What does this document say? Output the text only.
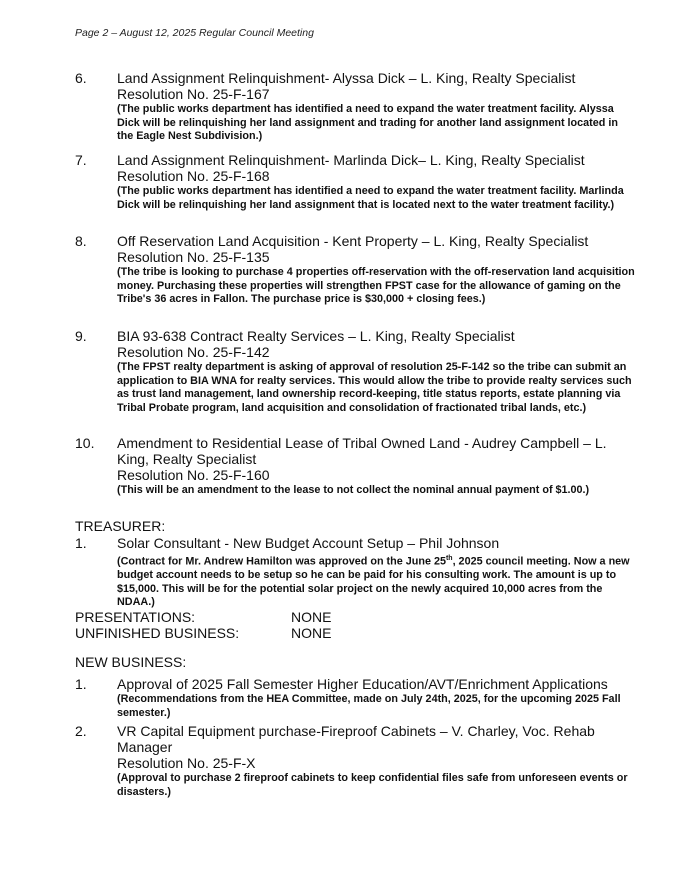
Page 2 – August 12, 2025 Regular Council Meeting
6. Land Assignment Relinquishment- Alyssa Dick – L. King, Realty Specialist
Resolution No. 25-F-167
(The public works department has identified a need to expand the water treatment facility. Alyssa Dick will be relinquishing her land assignment and trading for another land assignment located in the Eagle Nest Subdivision.)
7. Land Assignment Relinquishment- Marlinda Dick– L. King, Realty Specialist
Resolution No. 25-F-168
(The public works department has identified a need to expand the water treatment facility. Marlinda Dick will be relinquishing her land assignment that is located next to the water treatment facility.)
8. Off Reservation Land Acquisition - Kent Property – L. King, Realty Specialist
Resolution No. 25-F-135
(The tribe is looking to purchase 4 properties off-reservation with the off-reservation land acquisition money. Purchasing these properties will strengthen FPST case for the allowance of gaming on the Tribe's 36 acres in Fallon. The purchase price is $30,000 + closing fees.)
9. BIA 93-638 Contract Realty Services – L. King, Realty Specialist
Resolution No. 25-F-142
(The FPST realty department is asking of approval of resolution 25-F-142 so the tribe can submit an application to BIA WNA for realty services. This would allow the tribe to provide realty services such as trust land management, land ownership record-keeping, title status reports, estate planning via Tribal Probate program, land acquisition and consolidation of fractionated tribal lands, etc.)
10. Amendment to Residential Lease of Tribal Owned Land - Audrey Campbell – L. King, Realty Specialist
Resolution No. 25-F-160
(This will be an amendment to the lease to not collect the nominal annual payment of $1.00.)
TREASURER:
1. Solar Consultant - New Budget Account Setup – Phil Johnson
(Contract for Mr. Andrew Hamilton was approved on the June 25th, 2025 council meeting. Now a new budget account needs to be setup so he can be paid for his consulting work. The amount is up to $15,000. This will be for the potential solar project on the newly acquired 10,000 acres from the NDAA.)
PRESENTATIONS:	NONE
UNFINISHED BUSINESS:	NONE
NEW BUSINESS:
1. Approval of 2025 Fall Semester Higher Education/AVT/Enrichment Applications
(Recommendations from the HEA Committee, made on July 24th, 2025, for the upcoming 2025 Fall semester.)
2. VR Capital Equipment purchase-Fireproof Cabinets – V. Charley, Voc. Rehab Manager
Resolution No. 25-F-X
(Approval to purchase 2 fireproof cabinets to keep confidential files safe from unforeseen events or disasters.)
